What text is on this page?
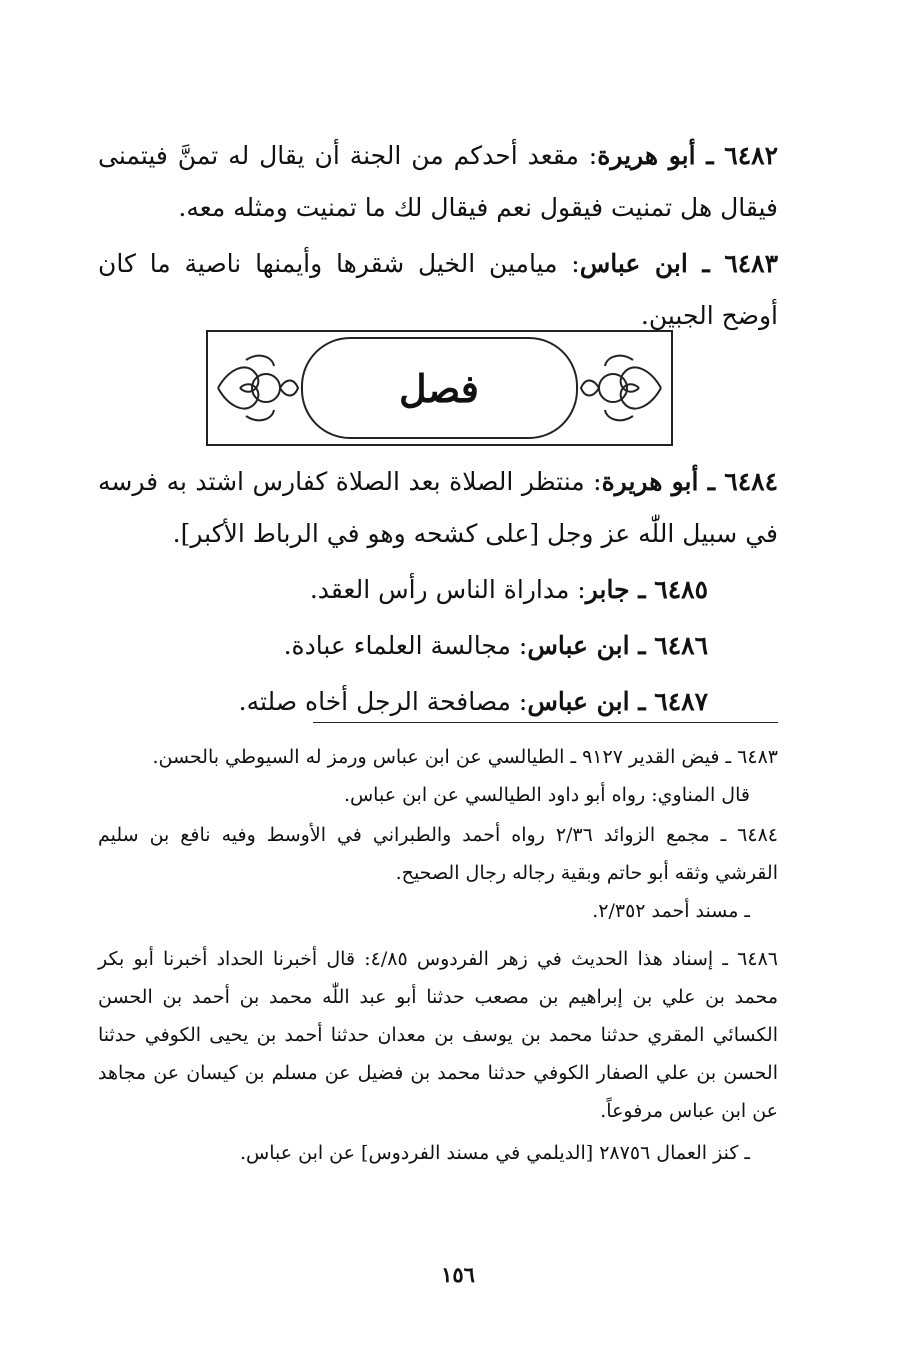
٦٤٨٢ ـ أبو هريرة: مقعد أحدكم من الجنة أن يقال له تمنَّ فيتمنى فيقال هل تمنيت فيقول نعم فيقال لك ما تمنيت ومثله معه.

٦٤٨٣ ـ ابن عباس: ميامين الخيل شقرها وأيمنها ناصية ما كان أوضح الجبين.

فصل

٦٤٨٤ ـ أبو هريرة: منتظر الصلاة بعد الصلاة كفارس اشتد به فرسه في سبيل اللّٰه عز وجل [على كشحه وهو في الرباط الأكبر].

٦٤٨٥ ـ جابر: مداراة الناس رأس العقد.

٦٤٨٦ ـ ابن عباس: مجالسة العلماء عبادة.

٦٤٨٧ ـ ابن عباس: مصافحة الرجل أخاه صلته.

٦٤٨٣ ـ فيض القدير ٩١٢٧ ـ الطيالسي عن ابن عباس ورمز له السيوطي بالحسن.

قال المناوي: رواه أبو داود الطيالسي عن ابن عباس.

٦٤٨٤ ـ مجمع الزوائد ٢/٣٦ رواه أحمد والطبراني في الأوسط وفيه نافع بن سليم القرشي وثقه أبو حاتم وبقية رجاله رجال الصحيح.

ـ مسند أحمد ٢/٣٥٢.

٦٤٨٦ ـ إسناد هذا الحديث في زهر الفردوس ٤/٨٥: قال أخبرنا الحداد أخبرنا أبو بكر محمد بن علي بن إبراهيم بن مصعب حدثنا أبو عبد اللّٰه محمد بن أحمد بن الحسن الكسائي المقري حدثنا محمد بن يوسف بن معدان حدثنا أحمد بن يحيى الكوفي حدثنا الحسن بن علي الصفار الكوفي حدثنا محمد بن فضيل عن مسلم بن كيسان عن مجاهد عن ابن عباس مرفوعاً.

ـ كنز العمال ٢٨٧٥٦ [الديلمي في مسند الفردوس] عن ابن عباس.

١٥٦
